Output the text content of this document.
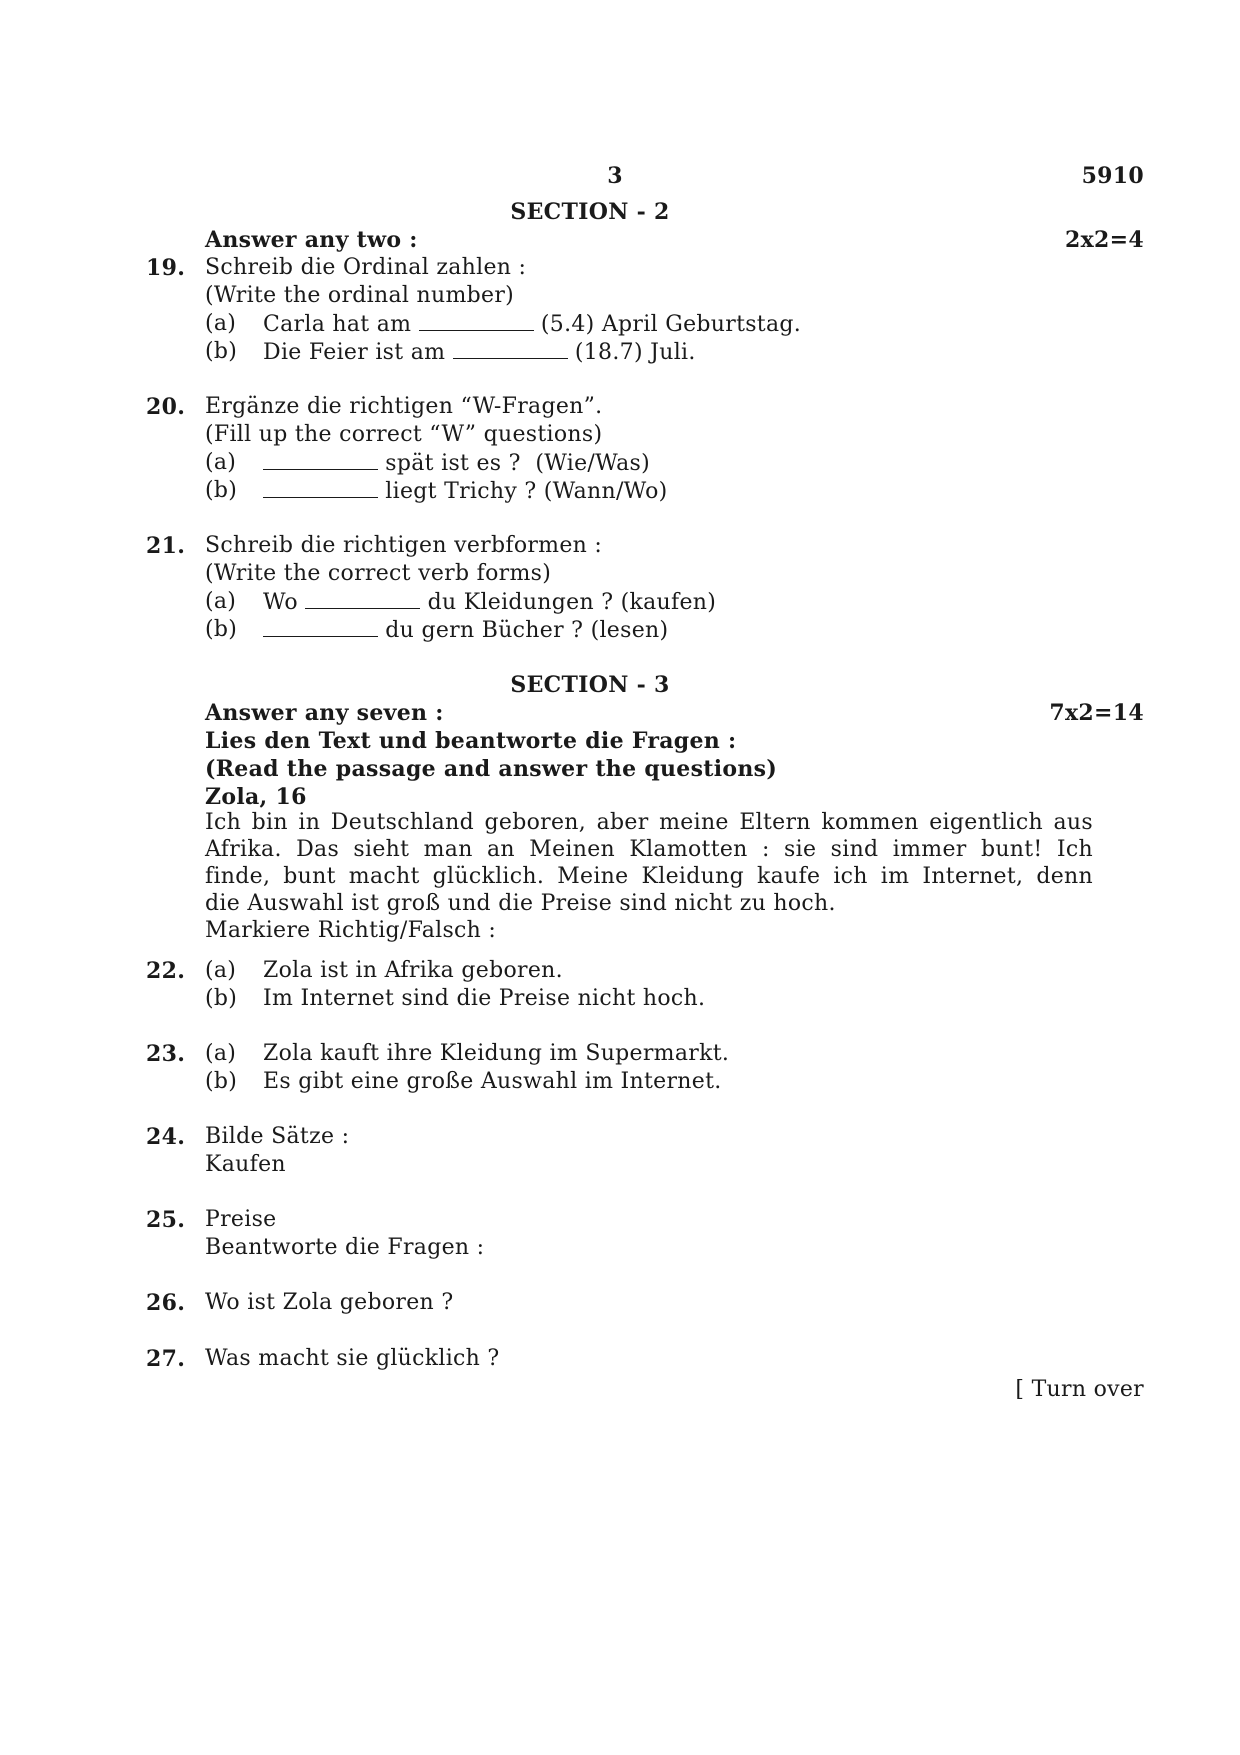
3	5910
SECTION - 2
Answer any two :	2x2=4
19. Schreib die Ordinal zahlen :
(Write the ordinal number)
(a) Carla hat am	(5.4) April Geburtstag.
(b) Die Feier ist am	(18.7) Juli.
20. Ergänze die richtigen “W-Fragen”.
(Fill up the correct “W” questions)
(a)	spät ist es ?  (Wie/Was)
(b)	liegt Trichy ? (Wann/Wo)
21. Schreib die richtigen verbformen :
(Write the correct verb forms)
(a) Wo	du Kleidungen ? (kaufen)
(b)	du gern Bücher ? (lesen)
SECTION - 3
Answer any seven :	7x2=14
Lies den Text und beantworte die Fragen :
(Read the passage and answer the questions)
Zola, 16
Ich bin in Deutschland geboren, aber meine Eltern kommen eigentlich aus
Afrika. Das sieht man an Meinen Klamotten : sie sind immer bunt! Ich
finde, bunt macht glücklich. Meine Kleidung kaufe ich im Internet, denn
die Auswahl ist groß und die Preise sind nicht zu hoch.
Markiere Richtig/Falsch :
22. (a) Zola ist in Afrika geboren.
(b) Im Internet sind die Preise nicht hoch.
23. (a) Zola kauft ihre Kleidung im Supermarkt.
(b) Es gibt eine große Auswahl im Internet.
24. Bilde Sätze :
Kaufen
25. Preise
Beantworte die Fragen :
26. Wo ist Zola geboren ?
27. Was macht sie glücklich ?
[ Turn over
